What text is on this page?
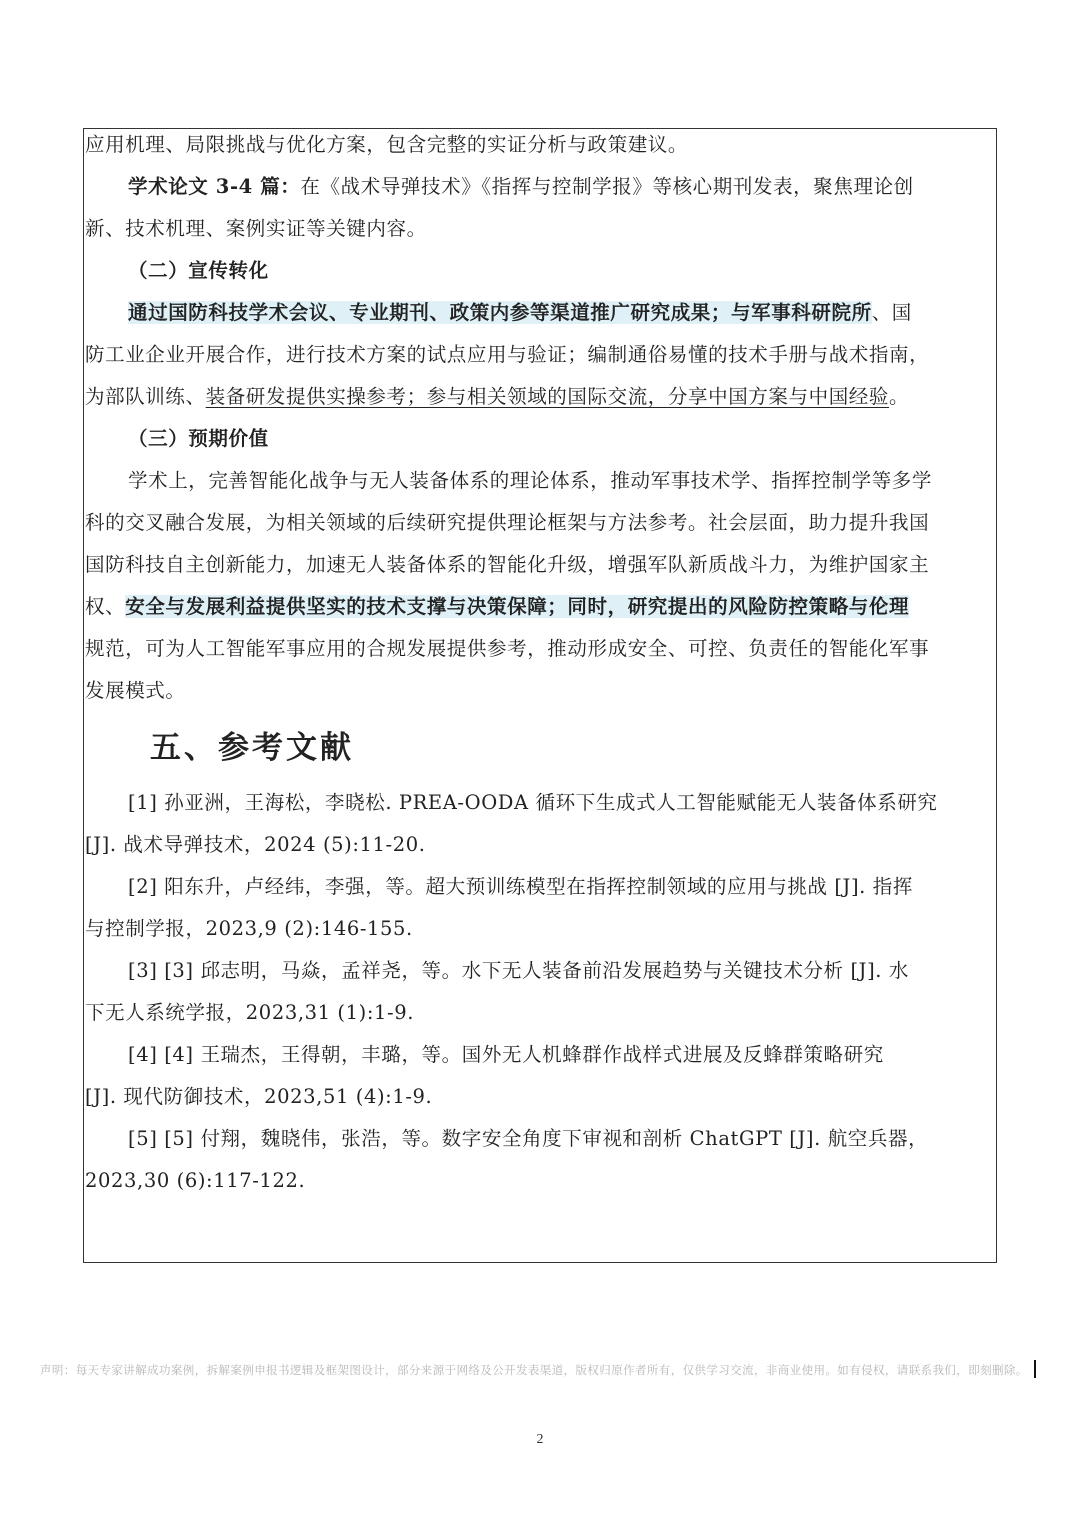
应用机理、局限挑战与优化方案，包含完整的实证分析与政策建议。
学术论文 3-4 篇：在《战术导弹技术》《指挥与控制学报》等核心期刊发表，聚焦理论创
新、技术机理、案例实证等关键内容。
（二）宣传转化
通过国防科技学术会议、专业期刊、政策内参等渠道推广研究成果；与军事科研院所、国
防工业企业开展合作，进行技术方案的试点应用与验证；编制通俗易懂的技术手册与战术指南，
为部队训练、装备研发提供实操参考；参与相关领域的国际交流，分享中国方案与中国经验。
（三）预期价值
学术上，完善智能化战争与无人装备体系的理论体系，推动军事技术学、指挥控制学等多学
科的交叉融合发展，为相关领域的后续研究提供理论框架与方法参考。社会层面，助力提升我国
国防科技自主创新能力，加速无人装备体系的智能化升级，增强军队新质战斗力，为维护国家主
权、安全与发展利益提供坚实的技术支撑与决策保障；同时，研究提出的风险防控策略与伦理
规范，可为人工智能军事应用的合规发展提供参考，推动形成安全、可控、负责任的智能化军事
发展模式。
五、参考文献
[1] 孙亚洲，王海松，李晓松. PREA-OODA 循环下生成式人工智能赋能无人装备体系研究
[J]. 战术导弹技术，2024 (5):11-20.
[2] 阳东升，卢经纬，李强，等。超大预训练模型在指挥控制领域的应用与挑战 [J]. 指挥
与控制学报，2023,9 (2):146-155.
[3] [3] 邱志明，马焱，孟祥尧，等。水下无人装备前沿发展趋势与关键技术分析 [J]. 水
下无人系统学报，2023,31 (1):1-9.
[4] [4] 王瑞杰，王得朝，丰璐，等。国外无人机蜂群作战样式进展及反蜂群策略研究
[J]. 现代防御技术，2023,51 (4):1-9.
[5] [5] 付翔，魏晓伟，张浩，等。数字安全角度下审视和剖析 ChatGPT [J]. 航空兵器，
2023,30 (6):117-122.
声明：每天专家讲解成功案例，拆解案例申报书逻辑及框架图设计，部分来源于网络及公开发表渠道，版权归原作者所有，仅供学习交流，非商业使用。如有侵权，请联系我们，即刻删除。
2
